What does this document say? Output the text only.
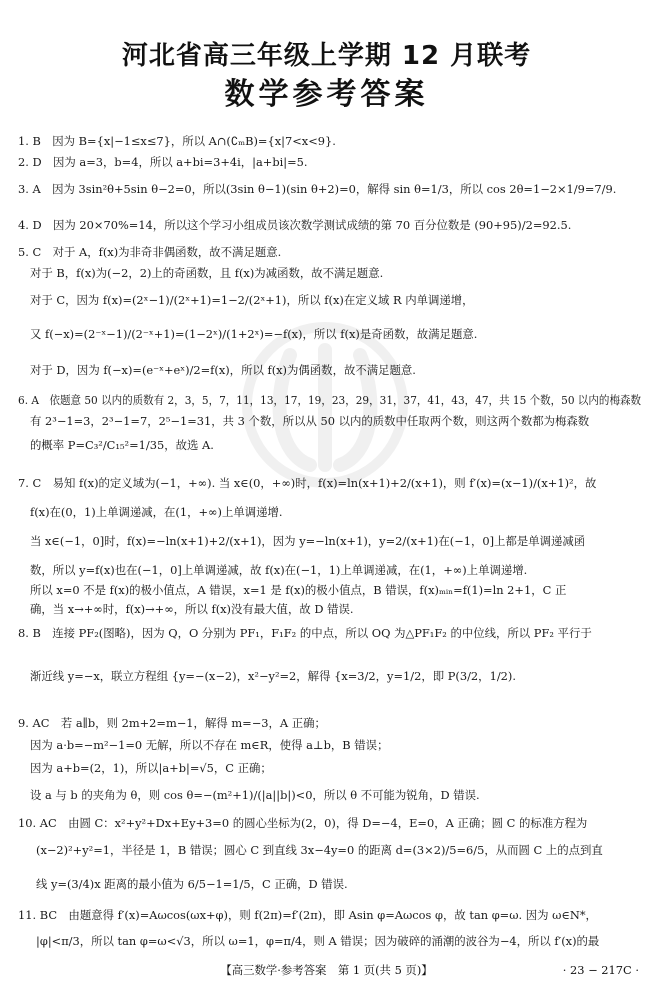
河北省高三年级上学期 12 月联考
数学参考答案
1. B　因为 B={x|−1≤x≤7}，所以 A∩(∁ₘB)={x|7<x<9}.
2. D　因为 a=3，b=4，所以 a+bi=3+4i，|a+bi|=5.
3. A　因为 3sin²θ+5sin θ−2=0，所以(3sin θ−1)(sin θ+2)=0，解得 sin θ=1/3，所以 cos 2θ=1−2×1/9=7/9.
4. D　因为 20×70%=14，所以这个学习小组成员该次数学测试成绩的第 70 百分位数是 (90+95)/2=92.5.
5. C　对于 A，f(x)为非奇非偶函数，故不满足题意.
对于 B，f(x)为(−2，2)上的奇函数，且 f(x)为减函数，故不满足题意.
对于 C，因为 f(x)=(2ˣ−1)/(2ˣ+1)=1−2/(2ˣ+1)，所以 f(x)在定义域 R 内单调递增，
又 f(−x)=(2⁻ˣ−1)/(2⁻ˣ+1)=(1−2ˣ)/(1+2ˣ)=−f(x)，所以 f(x)是奇函数，故满足题意.
对于 D，因为 f(−x)=(e⁻ˣ+eˣ)/2=f(x)，所以 f(x)为偶函数，故不满足题意.
6. A　依题意 50 以内的质数有 2，3，5，7，11，13，17，19，23，29，31，37，41，43，47，共 15 个数，50 以内的梅森数
有 2³−1=3，2³−1=7，2⁵−1=31，共 3 个数，所以从 50 以内的质数中任取两个数，则这两个数都为梅森数
的概率 P=C₃²/C₁₅²=1/35，故选 A.
7. C　易知 f(x)的定义域为(−1，+∞). 当 x∈(0，+∞)时，f(x)=ln(x+1)+2/(x+1)，则 f′(x)=(x−1)/(x+1)²，故
f(x)在(0，1)上单调递减，在(1，+∞)上单调递增.
当 x∈(−1，0]时，f(x)=−ln(x+1)+2/(x+1)，因为 y=−ln(x+1)，y=2/(x+1)在(−1，0]上都是单调递减函
数，所以 y=f(x)也在(−1，0]上单调递减，故 f(x)在(−1，1)上单调递减，在(1，+∞)上单调递增.
所以 x=0 不是 f(x)的极小值点，A 错误，x=1 是 f(x)的极小值点，B 错误，f(x)ₘᵢₙ=f(1)=ln 2+1，C 正
确，当 x→+∞时，f(x)→+∞，所以 f(x)没有最大值，故 D 错误.
8. B　连接 PF₂(图略)，因为 Q，O 分别为 PF₁，F₁F₂ 的中点，所以 OQ 为△PF₁F₂ 的中位线，所以 PF₂ 平行于
渐近线 y=−x，联立方程组 {y=−(x−2)，x²−y²=2，解得 {x=3/2，y=1/2，即 P(3/2，1/2).
9. AC　若 a∥b，则 2m+2=m−1，解得 m=−3，A 正确；
因为 a·b=−m²−1=0 无解，所以不存在 m∈R，使得 a⊥b，B 错误；
因为 a+b=(2，1)，所以|a+b|=√5，C 正确；
设 a 与 b 的夹角为 θ，则 cos θ=−(m²+1)/(|a||b|)<0，所以 θ 不可能为锐角，D 错误.
10. AC　由圆 C：x²+y²+Dx+Ey+3=0 的圆心坐标为(2，0)，得 D=−4，E=0，A 正确；圆 C 的标准方程为
(x−2)²+y²=1，半径是 1，B 错误；圆心 C 到直线 3x−4y=0 的距离 d=(3×2)/5=6/5，从而圆 C 上的点到直
线 y=(3/4)x 距离的最小值为 6/5−1=1/5，C 正确，D 错误.
11. BC　由题意得 f′(x)=Aωcos(ωx+φ)，则 f(2π)=f′(2π)，即 Asin φ=Aωcos φ，故 tan φ=ω. 因为 ω∈N*，
|φ|<π/3，所以 tan φ=ω<√3，所以 ω=1，φ=π/4，则 A 错误；因为破碎的涌潮的波谷为−4，所以 f′(x)的最
【高三数学·参考答案　第 1 页(共 5 页)】	· 23 − 217C ·
